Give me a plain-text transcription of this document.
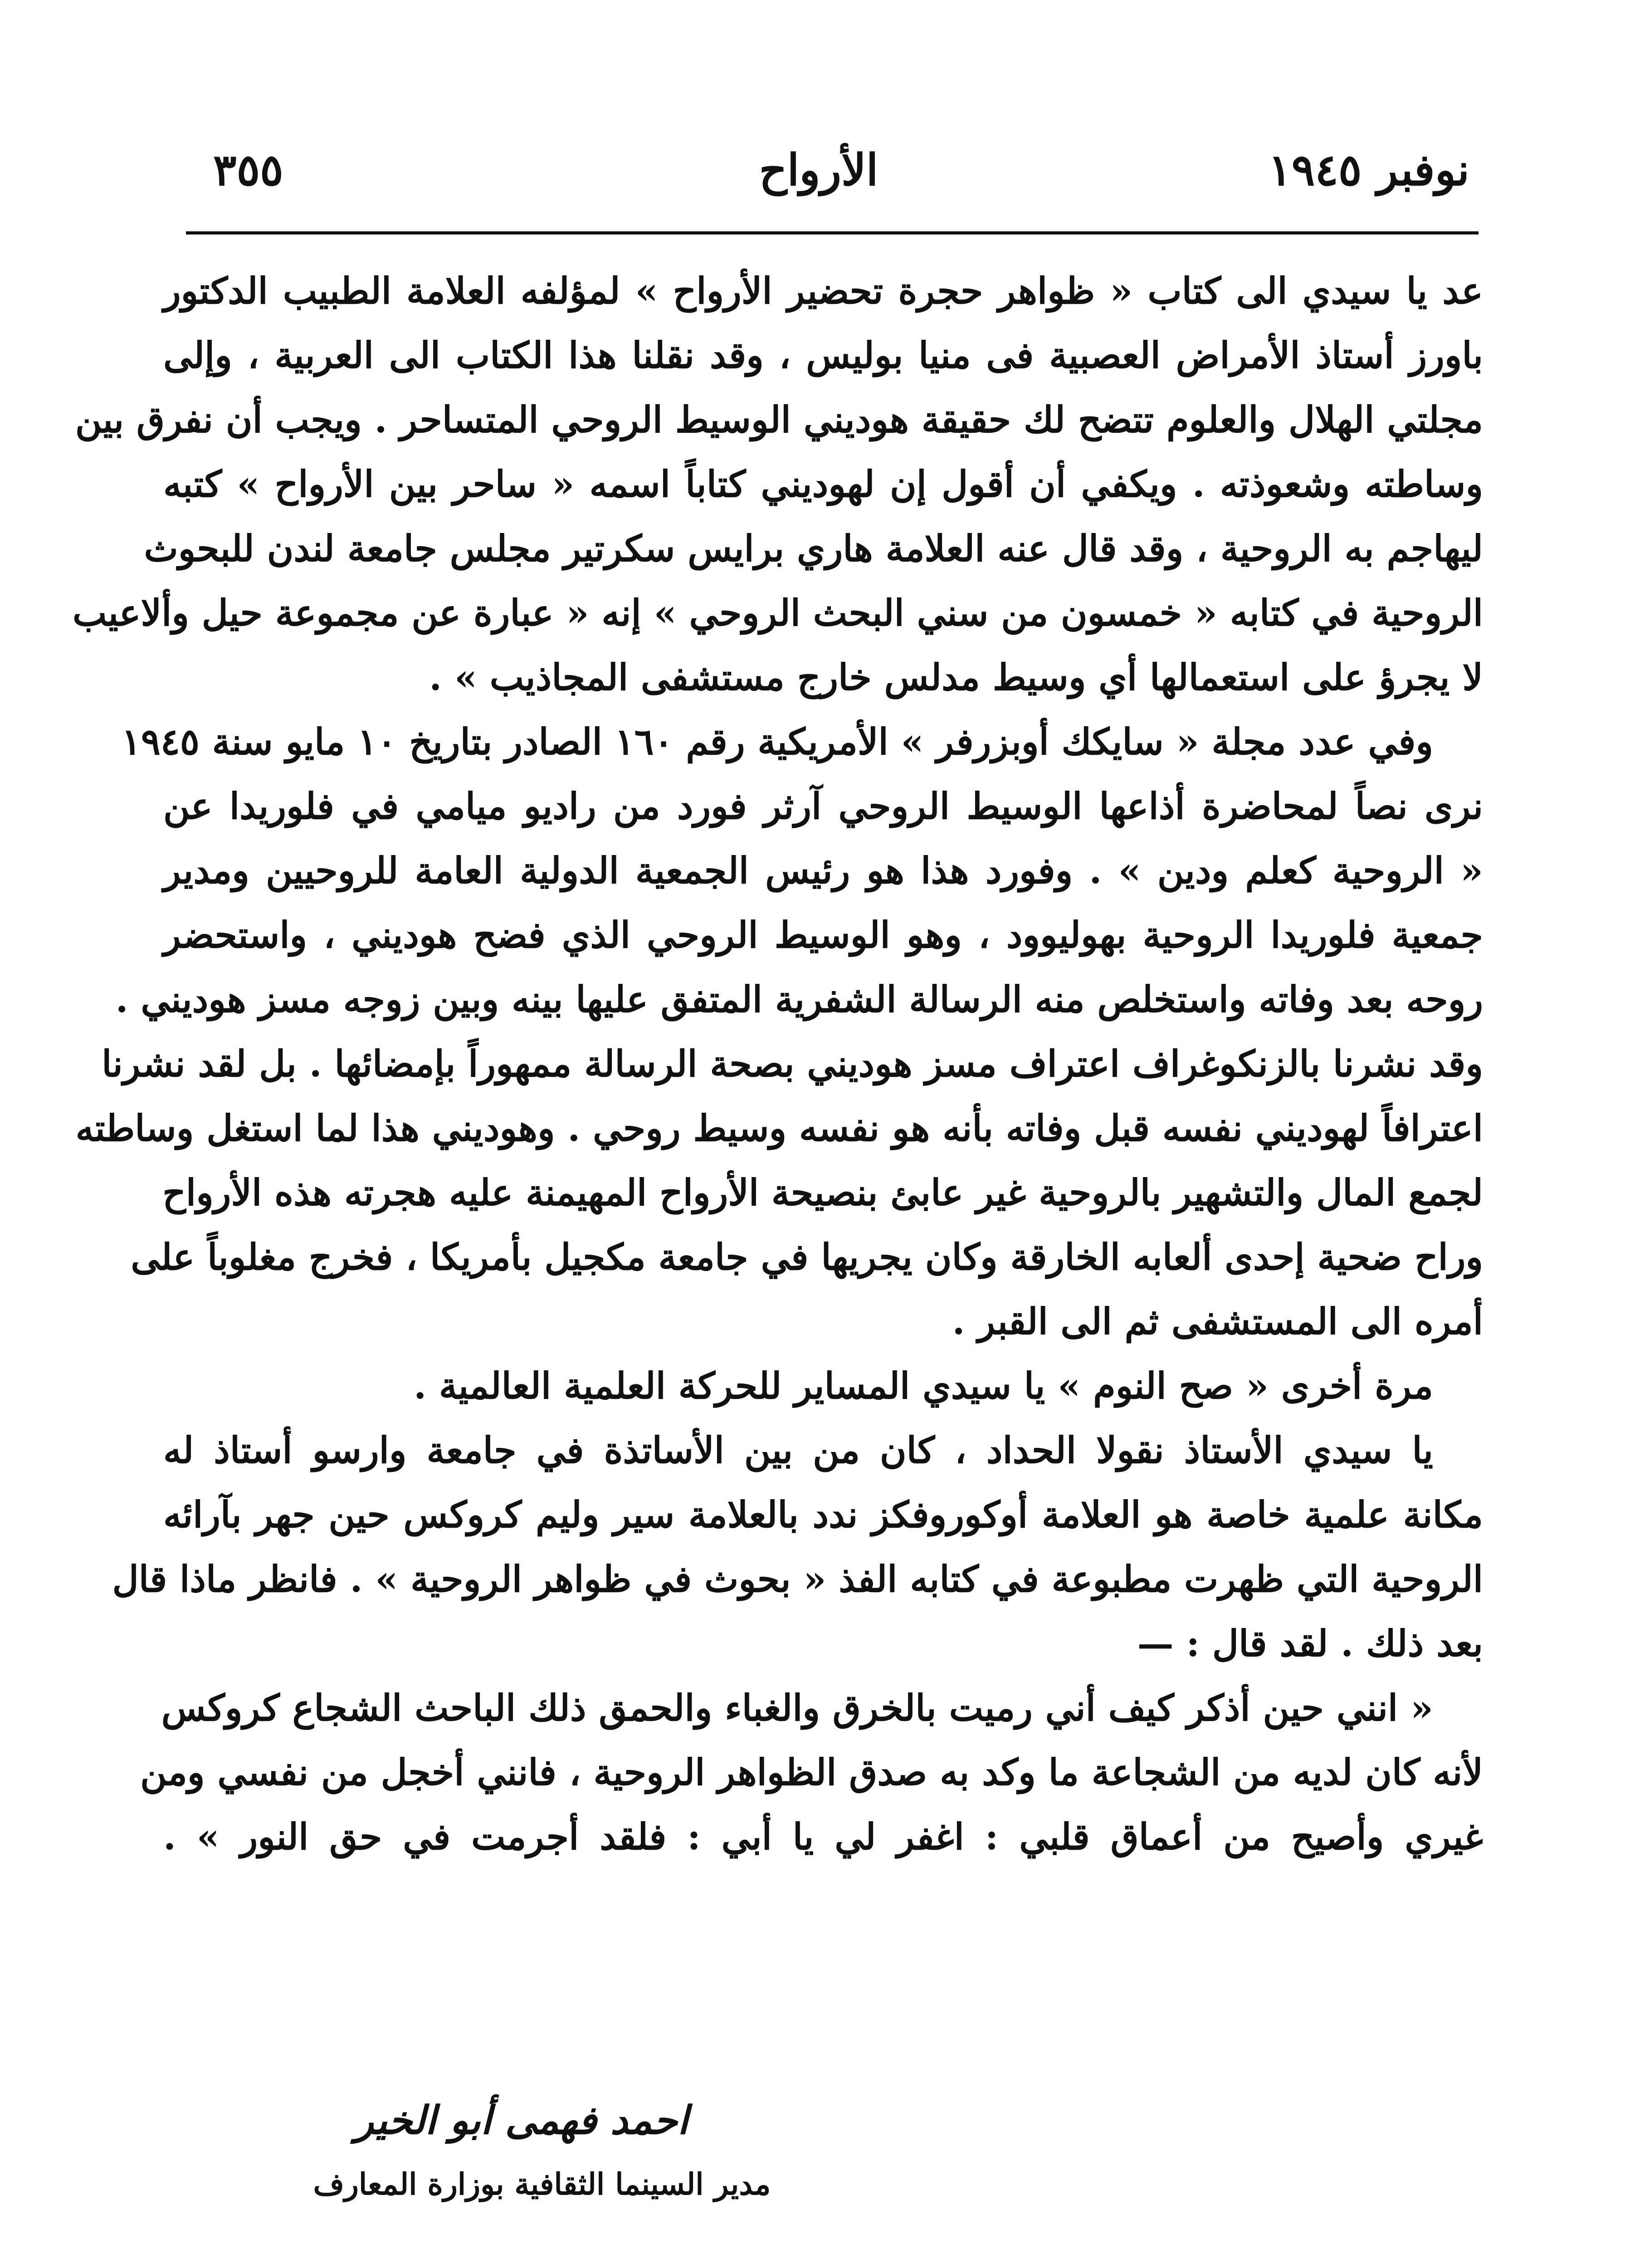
نوفبر ١٩٤٥
الأرواح
٣٥٥
عد يا سيدي الى كتاب « ظواهر حجرة تحضير الأرواح » لمؤلفه العلامة الطبيب الدكتور
باورز أستاذ الأمراض العصبية فى منيا بوليس ، وقد نقلنا هذا الكتاب الى العربية ، وإلى
مجلتي الهلال والعلوم تتضح لك حقيقة هوديني الوسيط الروحي المتساحر . ويجب أن نفرق بين
وساطته وشعوذته . ويكفي أن أقول إن لهوديني كتاباً اسمه « ساحر بين الأرواح » كتبه
ليهاجم به الروحية ، وقد قال عنه العلامة هاري برايس سكرتير مجلس جامعة لندن للبحوث
الروحية في كتابه « خمسون من سني البحث الروحي » إنه « عبارة عن مجموعة حيل وألاعيب
لا يجرؤ على استعمالها أي وسيط مدلس خارج مستشفى المجاذيب » .
وفي عدد مجلة « سايكك أوبزرفر » الأمريكية رقم ١٦٠ الصادر بتاريخ ١٠ مايو سنة ١٩٤٥
نرى نصاً لمحاضرة أذاعها الوسيط الروحي آرثر فورد من راديو ميامي في فلوريدا عن
« الروحية كعلم ودين » . وفورد هذا هو رئيس الجمعية الدولية العامة للروحيين ومدير
جمعية فلوريدا الروحية بهوليوود ، وهو الوسيط الروحي الذي فضح هوديني ، واستحضر
روحه بعد وفاته واستخلص منه الرسالة الشفرية المتفق عليها بينه وبين زوجه مسز هوديني .
وقد نشرنا بالزنكوغراف اعتراف مسز هوديني بصحة الرسالة ممهوراً بإمضائها . بل لقد نشرنا
اعترافاً لهوديني نفسه قبل وفاته بأنه هو نفسه وسيط روحي . وهوديني هذا لما استغل وساطته
لجمع المال والتشهير بالروحية غير عابئ بنصيحة الأرواح المهيمنة عليه هجرته هذه الأرواح
وراح ضحية إحدى ألعابه الخارقة وكان يجريها في جامعة مكجيل بأمريكا ، فخرج مغلوباً على
أمره الى المستشفى ثم الى القبر .
مرة أخرى « صح النوم » يا سيدي المساير للحركة العلمية العالمية .
يا سيدي الأستاذ نقولا الحداد ، كان من بين الأساتذة في جامعة وارسو أستاذ له
مكانة علمية خاصة هو العلامة أوكوروفكز ندد بالعلامة سير وليم كروكس حين جهر بآرائه
الروحية التي ظهرت مطبوعة في كتابه الفذ « بحوث في ظواهر الروحية » . فانظر ماذا قال
بعد ذلك . لقد قال : —
« انني حين أذكر كيف أني رميت بالخرق والغباء والحمق ذلك الباحث الشجاع كروكس
لأنه كان لديه من الشجاعة ما وكد به صدق الظواهر الروحية ، فانني أخجل من نفسي ومن
غيري وأصيح من أعماق قلبي : اغفر لي يا أبي : فلقد أجرمت في حق النور » .
احمد فهمى أبو الخير
مدير السينما الثقافية بوزارة المعارف
